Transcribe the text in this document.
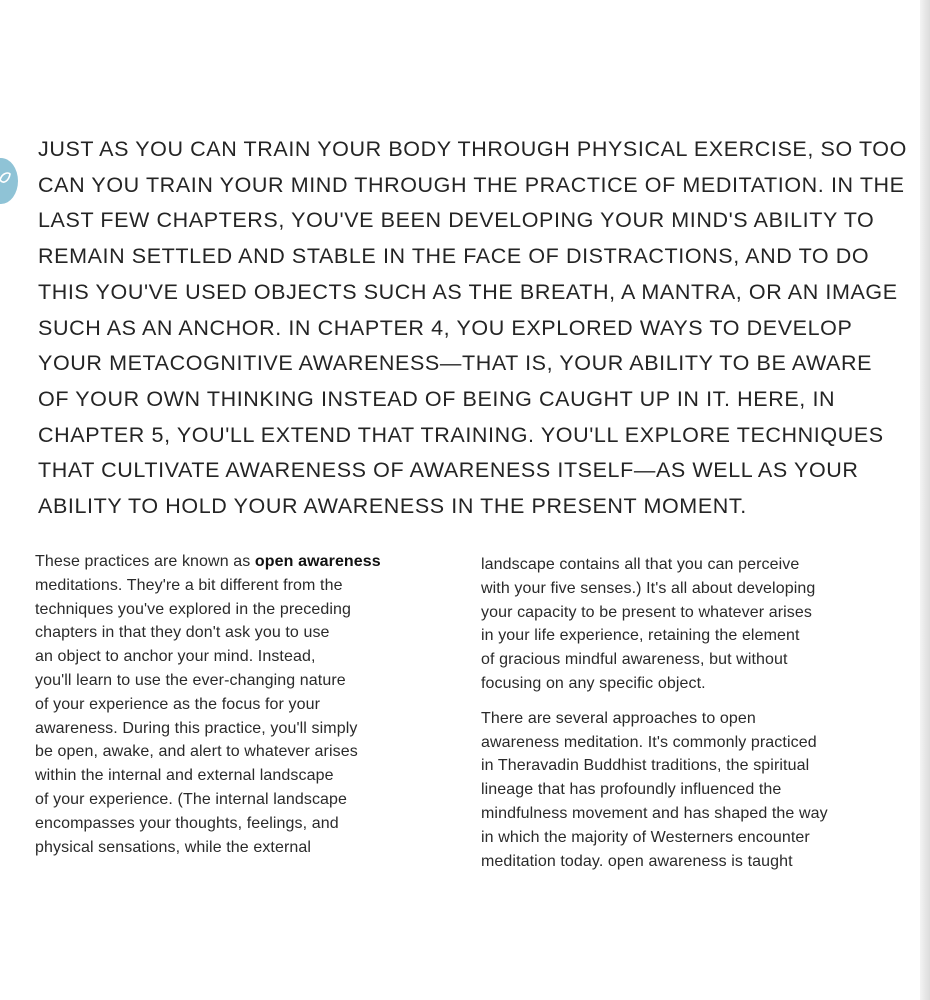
JUST AS YOU CAN TRAIN YOUR BODY THROUGH PHYSICAL EXERCISE, SO TOO
CAN YOU TRAIN YOUR MIND THROUGH THE PRACTICE OF MEDITATION. IN THE
LAST FEW CHAPTERS, YOU'VE BEEN DEVELOPING YOUR MIND'S ABILITY TO
REMAIN SETTLED AND STABLE IN THE FACE OF DISTRACTIONS, AND TO DO
THIS YOU'VE USED OBJECTS SUCH AS THE BREATH, A MANTRA, OR AN IMAGE
SUCH AS AN ANCHOR. IN CHAPTER 4, YOU EXPLORED WAYS TO DEVELOP
YOUR METACOGNITIVE AWARENESS—THAT IS, YOUR ABILITY TO BE AWARE
OF YOUR OWN THINKING INSTEAD OF BEING CAUGHT UP IN IT. HERE, IN
CHAPTER 5, YOU'LL EXTEND THAT TRAINING. YOU'LL EXPLORE TECHNIQUES
THAT CULTIVATE AWARENESS OF AWARENESS ITSELF—AS WELL AS YOUR
ABILITY TO HOLD YOUR AWARENESS IN THE PRESENT MOMENT.

These practices are known as open awareness
meditations. They're a bit different from the
techniques you've explored in the preceding
chapters in that they don't ask you to use
an object to anchor your mind. Instead,
you'll learn to use the ever-changing nature
of your experience as the focus for your
awareness. During this practice, you'll simply
be open, awake, and alert to whatever arises
within the internal and external landscape
of your experience. (The internal landscape
encompasses your thoughts, feelings, and
physical sensations, while the external

landscape contains all that you can perceive
with your five senses.) It's all about developing
your capacity to be present to whatever arises
in your life experience, retaining the element
of gracious mindful awareness, but without
focusing on any specific object.

There are several approaches to open
awareness meditation. It's commonly practiced
in Theravadin Buddhist traditions, the spiritual
lineage that has profoundly influenced the
mindfulness movement and has shaped the way
in which the majority of Westerners encounter
meditation today. open awareness is taught
